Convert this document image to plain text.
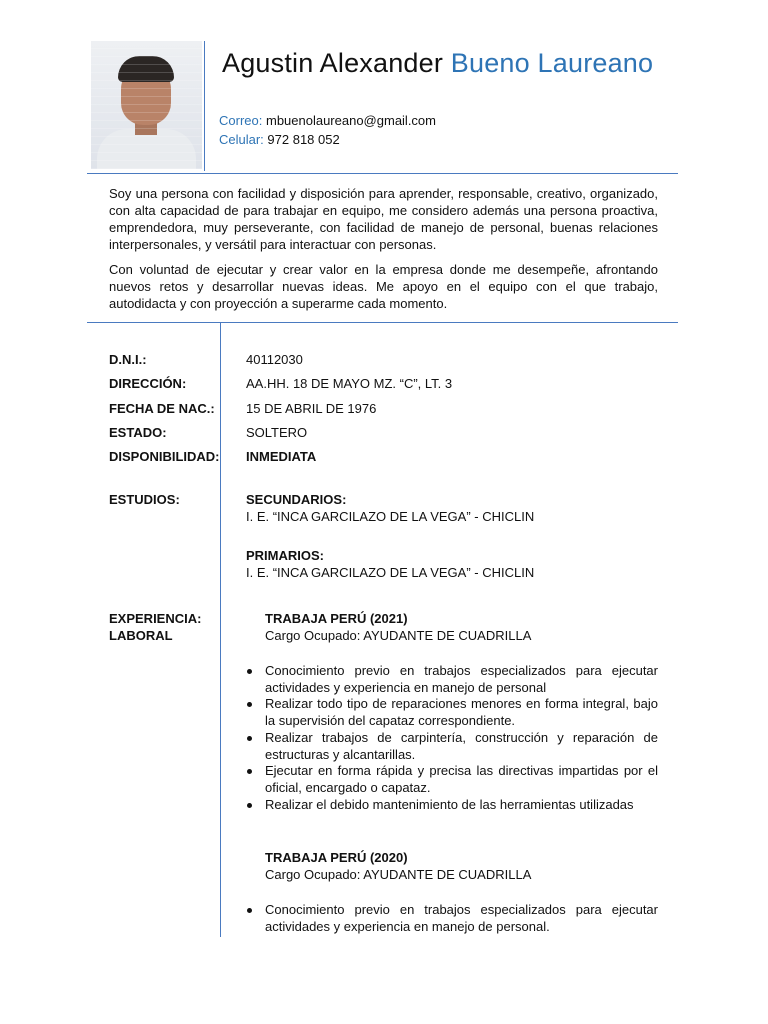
Agustin Alexander Bueno Laureano
Correo: mbuenolaureano@gmail.com
Celular: 972 818 052

Soy una persona con facilidad y disposición para aprender, responsable, creativo, organizado, con alta capacidad de para trabajar en equipo, me considero además una persona proactiva, emprendedora, muy perseverante, con facilidad de manejo de personal, buenas relaciones interpersonales, y versátil para interactuar con personas.

Con voluntad de ejecutar y crear valor en la empresa donde me desempeñe, afrontando nuevos retos y desarrollar nuevas ideas. Me apoyo en el equipo con el que trabajo, autodidacta y con proyección a superarme cada momento.

D.N.I.:	40112030
DIRECCIÓN:	AA.HH. 18 DE MAYO MZ. “C”, LT. 3
FECHA DE NAC.: 15 DE ABRIL DE 1976
ESTADO:	SOLTERO
DISPONIBILIDAD: INMEDIATA
ESTUDIOS:	SECUNDARIOS:
I. E. “INCA GARCILAZO DE LA VEGA” - CHICLIN
PRIMARIOS:
I. E. “INCA GARCILAZO DE LA VEGA” - CHICLIN
EXPERIENCIA:
LABORAL
TRABAJA PERÚ (2021)
Cargo Ocupado: AYUDANTE DE CUADRILLA
Conocimiento previo en trabajos especializados para ejecutar actividades y experiencia en manejo de personal
Realizar todo tipo de reparaciones menores en forma integral, bajo la supervisión del capataz correspondiente.
Realizar trabajos de carpintería, construcción y reparación de estructuras y alcantarillas.
Ejecutar en forma rápida y precisa las directivas impartidas por el oficial, encargado o capataz.
Realizar el debido mantenimiento de las herramientas utilizadas
TRABAJA PERÚ (2020)
Cargo Ocupado: AYUDANTE DE CUADRILLA
Conocimiento previo en trabajos especializados para ejecutar actividades y experiencia en manejo de personal.
